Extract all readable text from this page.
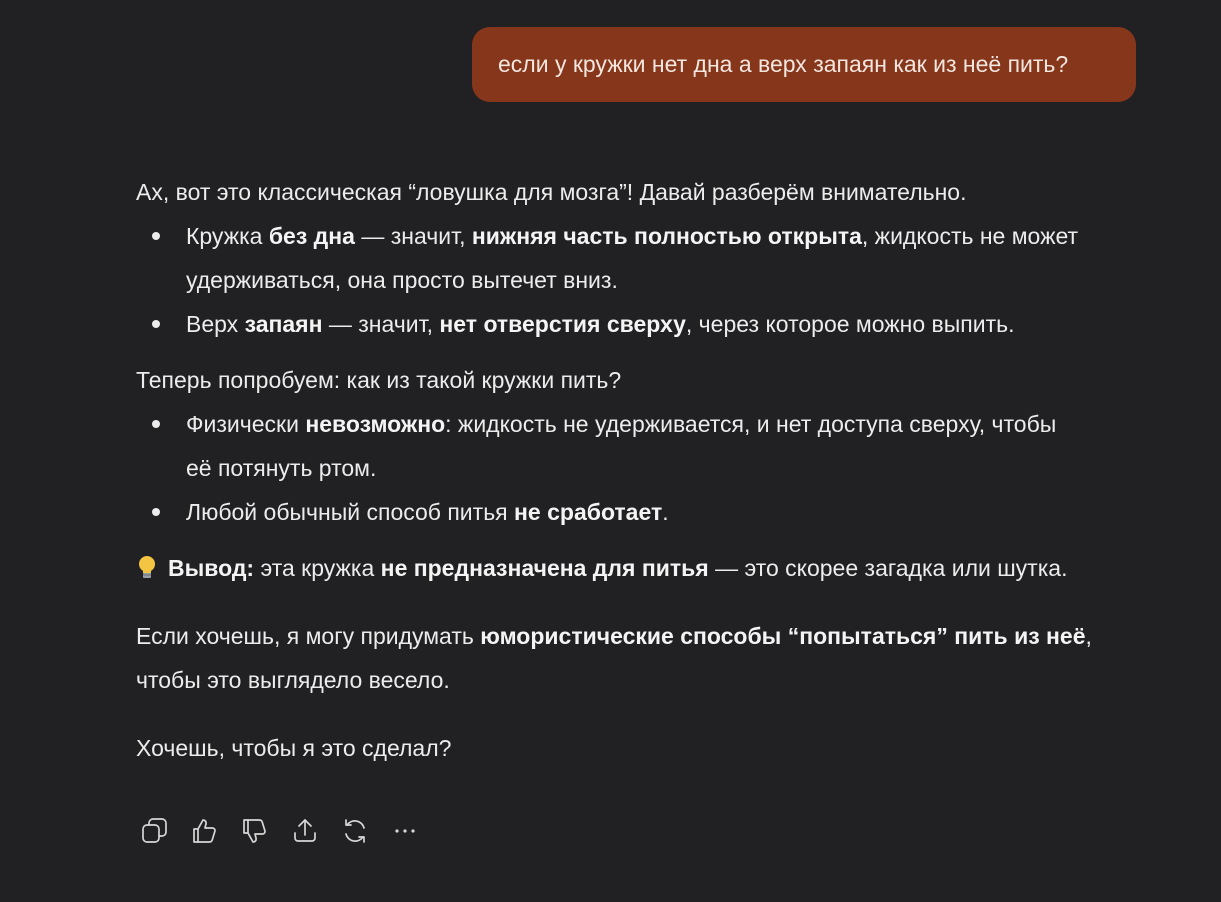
если у кружки нет дна а верх запаян как из неё пить?

Ах, вот это классическая “ловушка для мозга”! Давай разберём внимательно.

Кружка без дна — значит, нижняя часть полностью открыта, жидкость не может
удерживаться, она просто вытечет вниз.
Верх запаян — значит, нет отверстия сверху, через которое можно выпить.

Теперь попробуем: как из такой кружки пить?

Физически невозможно: жидкость не удерживается, и нет доступа сверху, чтобы
её потянуть ртом.
Любой обычный способ питья не сработает.

Вывод: эта кружка не предназначена для питья — это скорее загадка или шутка.

Если хочешь, я могу придумать юмористические способы “попытаться” пить из неё,
чтобы это выглядело весело.

Хочешь, чтобы я это сделал?
